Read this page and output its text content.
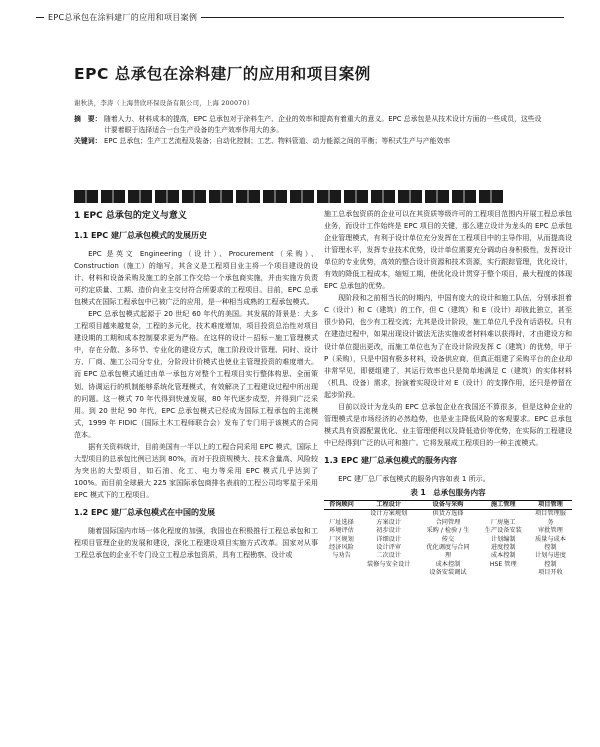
EPC总承包在涂料建厂的应用和项目案例
EPC 总承包在涂料建厂的应用和项目案例
谢秋洪，李涛（上海普欣环保设备有限公司，上海 200070）
摘　要： 随着人力、材料成本的提高，EPC 总承包对于涂料生产、企业的效率和提高有着重大的意义。EPC 总承包是从技术设计方面的一些成员，这些设计要着眼于选择适合一台生产设备的生产效率作用大的多。
关键词： EPC 总承包；生产工艺流程及装备；自动化控制；工艺、物料管道、动力能源之间的平衡；等积式生产与产能效率
1 EPC 总承包的定义与意义
1.1 EPC 建厂总承包模式的发展历史

EPC 是英文 Engineering（设计）、Procurement（采购）、Construction（施工）的缩写，其含义是工程项目业主将一个项目建设的设计、材料和设备采购及施工的全部工作交给一个承包商实施，并由实施方负责可约定质量、工期、造价向业主交付符合所要求的工程项目。目前，EPC 总承包模式在国际工程承包中已被广泛的应用，是一种相当成熟的工程承包模式。

EPC 总承包模式起源于 20 世纪 60 年代的美国。其发展的背景是：大多工程项目越来越复杂，工程的多元化，技术难度增加，项目投资总治性对项目建设期的工期和成本控制要求更为严格。在这样的设计－招标－施工管理模式中，存在分散、多环节、专业化的建设方式，施工阶段设计管理、同时、设计方、厂商、施工公司分专业，分阶段计价模式也使业主管理投资的难度增大。而 EPC 总承包模式通过由单一承包方对整个工程项目实行整体构思、全面策划、协调运行的机制能够系统化管理模式，有效解决了工程建设过程中所出现的问题。这一模式 70 年代得到快速发展，80 年代逐步成型，并得到广泛采用。到 20 世纪 90 年代，EPC 总承包模式已经成为国际工程承包的主流模式，1999 年 FIDIC（国际土木工程师联合会）发布了专门用于该模式的合同范本。

据有关资料统计，目前美国有一半以上的工程合同采用 EPC 模式，国际上大型项目的总承包比例已达到 80%，而对于投资规模大、技术含量高、风险较为突出的大型项目，如石油、化工、电力等采用 EPC 模式几乎达到了 100%。而目前全球最大 225 家国际承包商排名表前的工程公司均零星于采用 EPC 模式下的工程项目。

1.2 EPC 建厂总承包模式在中国的发展

随着国际国内市场一体化程度的加强，我国也在积极推行工程总承包和工程项目管理企业的发展和建设，深化工程建设项目实施方式改革。国家对从事工程总承包的企业不专门设立工程总承包资质，具有工程勘察、设计或

施工总承包资质的企业可以在其资质等级许可的工程项目范围内开展工程总承包业务，而设计工作始终是 EPC 项目的关键，那么建立设计为龙头的 EPC 总承包企业管理模式，有利于设计单位充分发挥在工程项目中的主导作用，从而提高设计管理水平，发挥专业技术优势，设计单位需要充分调动自身积极性，发挥设计单位的专业优势，高效的整合设计资源和技术资源，实行跟踪管理，优化设计，有效的降低工程成本，缩短工期，使优化设计贯穿于整个项目，最大程度的体现 EPC 总承包的优势。

现阶段和之前相当长的时期内，中国有庞大的设计和施工队伍，分别承担着 C（设计）和 C（建筑）的工作，但 C（建筑）和 E（设计）却彼此独立，甚至很少协同，也少有工程交流；尤其是设计阶段，施工单位几乎没有话语权。只有在建造过程中，如果出现设计做法无法实施或者材料难以获得时，才由建设方和设计单位提出更改，而施工单位也为了在设计阶段发挥 C（建筑）的优势，甲于 P（采购），只是中国有极多材料，设备供应商，但真正组建了采购平台的企业却非常罕见，即便组建了，其运行效率也只是简单地满足 C（建筑）的实体材料（机具、设备）需求，扮演着实现设计对 E（设计）的支撑作用，还只是停留在起步阶段。

目前以设计为龙头的 EPC 总承包企业在我国还不算很多，但是这种企业的管理模式是市场经济的必然趋势，也是业主降低风险的客观要求。EPC 总承包模式具有资源配置优化、业主管理便利以及降低造价等优势，在实际的工程建设中已经得到广泛的认可和推广。它将发展成工程项目的一种主流模式。

1.3 EPC 建厂总承包模式的服务内容

EPC 建厂总厂承包模式的服务内容如表 1 所示。

表 1　总承包服务内容
咨询顾问	工程设计	设备与采购	施工管理	项目管理
	设计方案规划	供货方选择		项目管理服
厂址选择	方案设计	合同管理	厂房施工	务
环境评估	初步设计	采购 / 检验 / 生	生产设备安装	审批管理
厂区规划	详细设计	传交	计划编制	质量与成本
经济风险	设计评审	优化调度与合同	进度控制	控制
与劝告	二次设计	理	成本控制	计划与进度
	装修与安全设计	成本控制	HSE 管理	控制
		设备安装调试		项目开收
